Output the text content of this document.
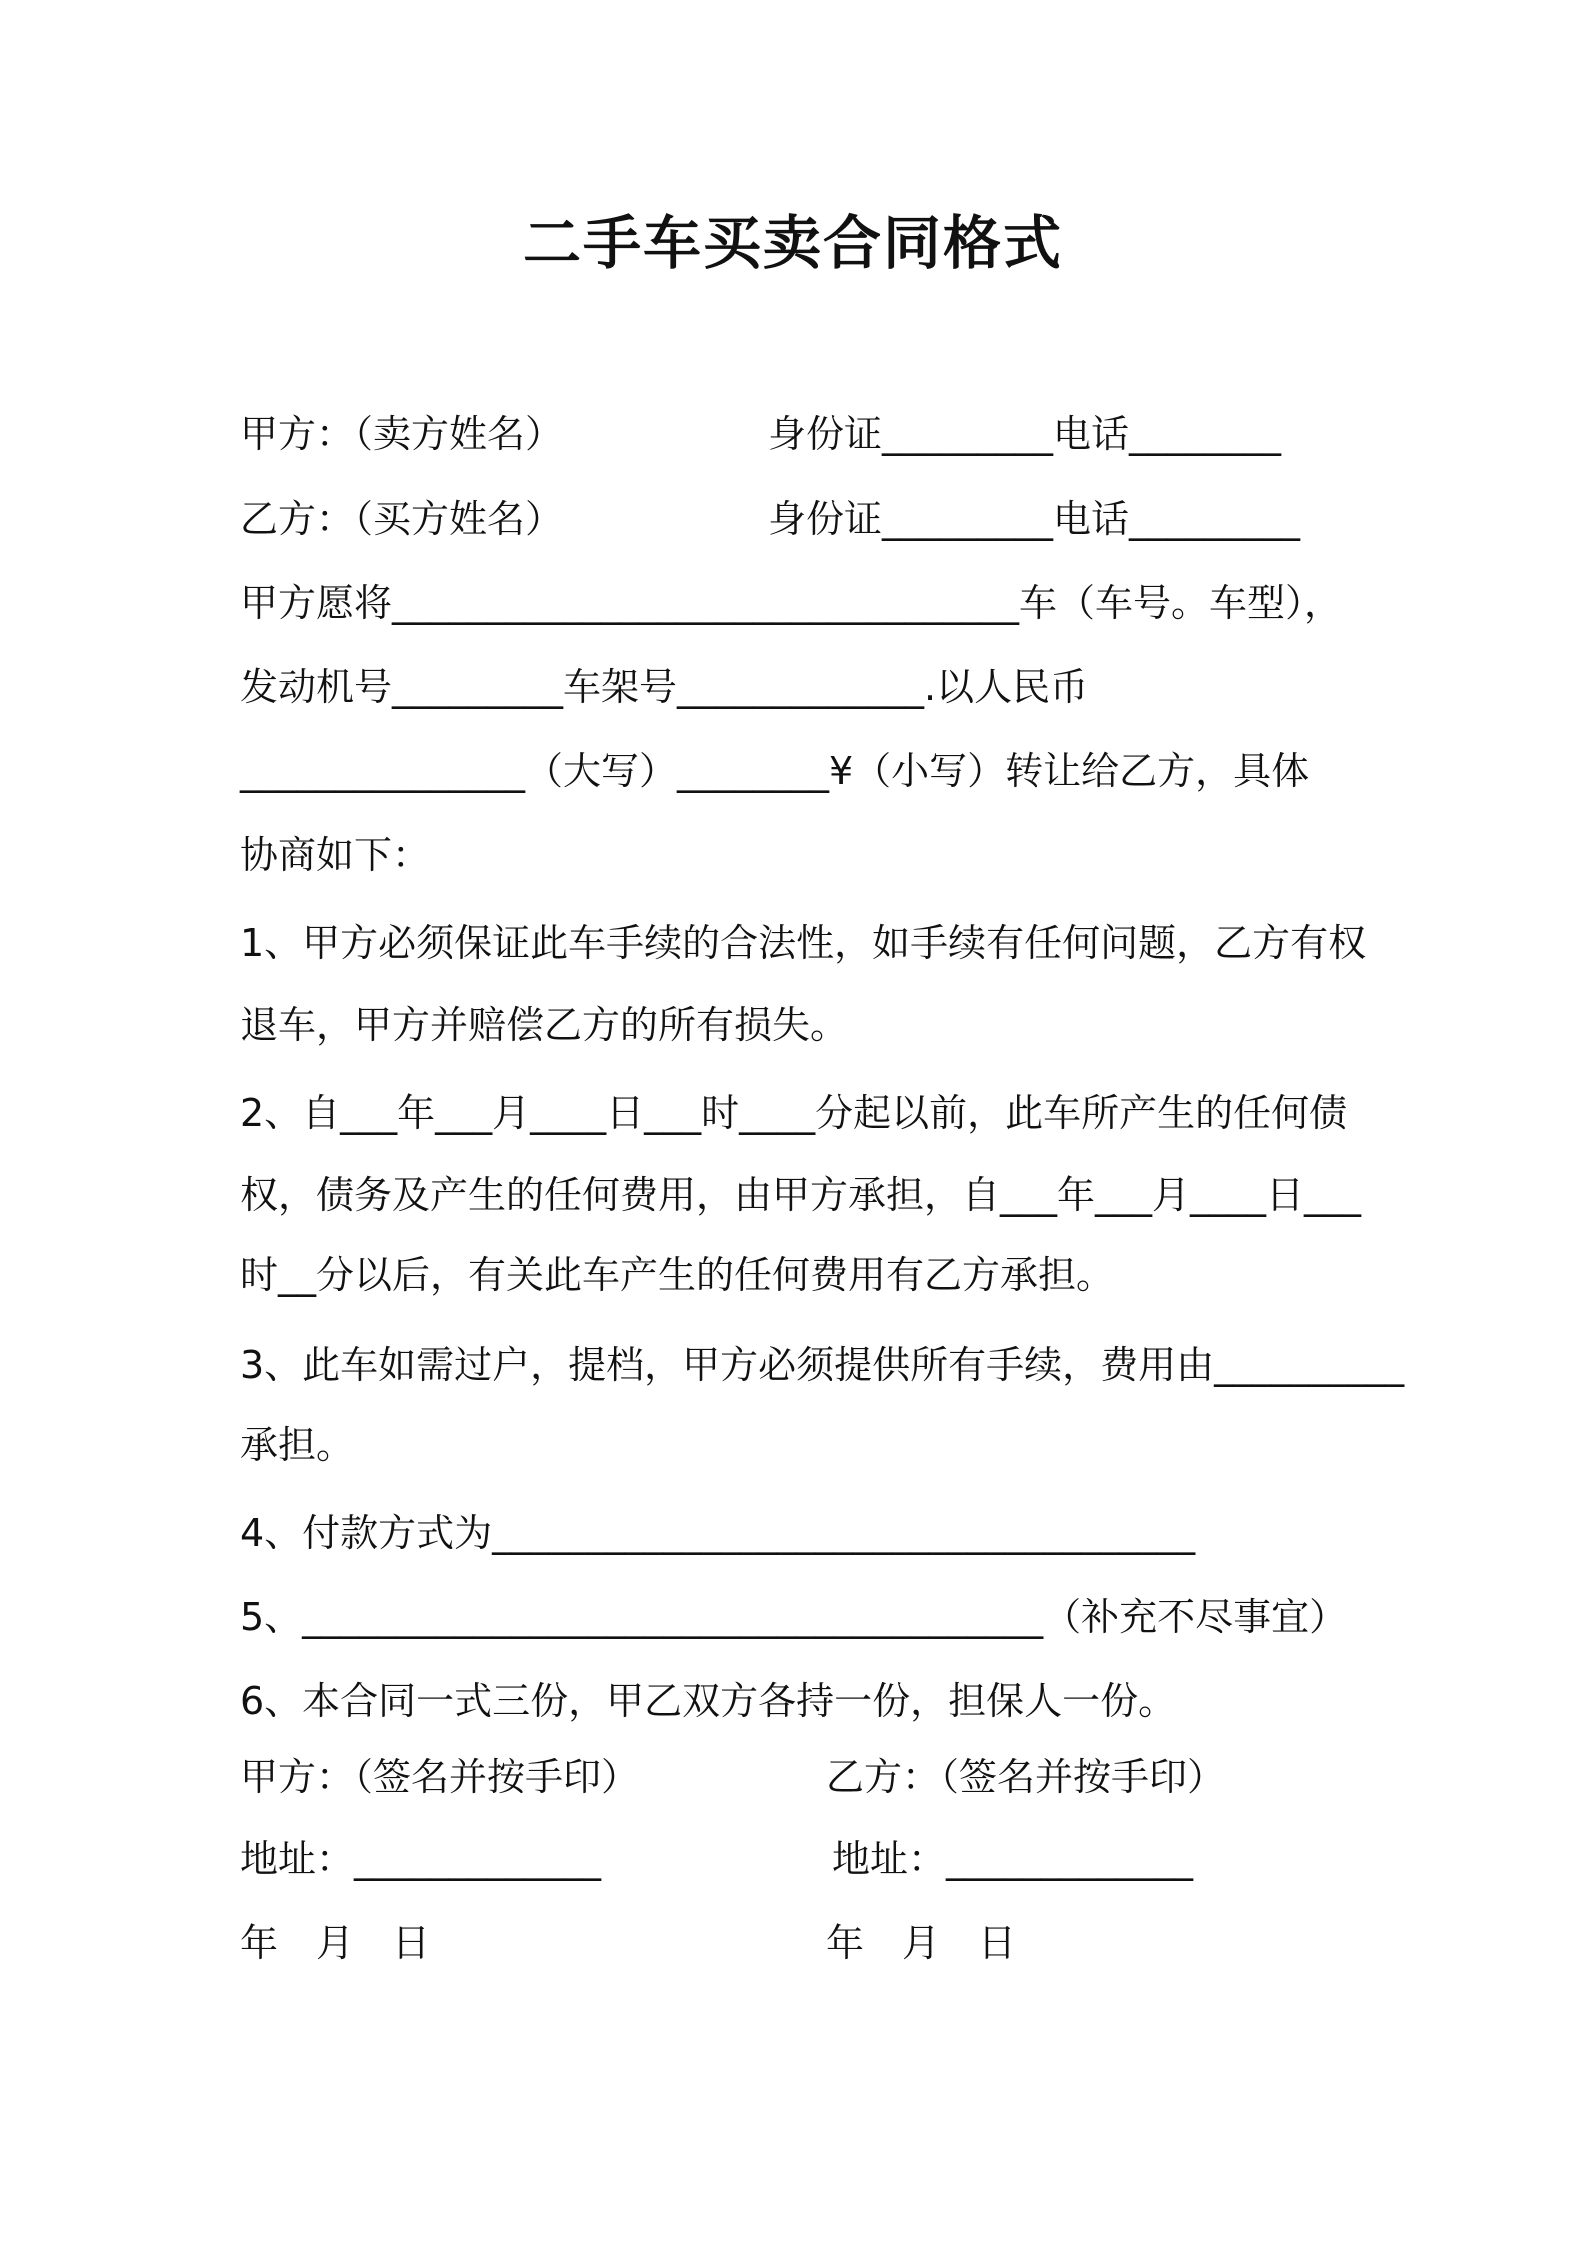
二手车买卖合同格式
甲方：（卖方姓名）	身份证_________电话________
乙方：（买方姓名）	身份证_________电话_________
甲方愿将_________________________________车（车号。车型），
发动机号_________车架号_____________.以人民币
_______________（大写）________¥（小写）转让给乙方，具体
协商如下：
1、甲方必须保证此车手续的合法性，如手续有任何问题，乙方有权
退车，甲方并赔偿乙方的所有损失。
2、自___年___月____日___时____分起以前，此车所产生的任何债
权，债务及产生的任何费用，由甲方承担，自___年___月____日___
时__分以后，有关此车产生的任何费用有乙方承担。
3、此车如需过户，提档，甲方必须提供所有手续，费用由__________
承担。
4、付款方式为_____________________________________
5、_______________________________________（补充不尽事宜）
6、本合同一式三份，甲乙双方各持一份，担保人一份。
甲方：（签名并按手印）	乙方：（签名并按手印）
地址：_____________	地址：_____________
年　月　日	年　月　日
